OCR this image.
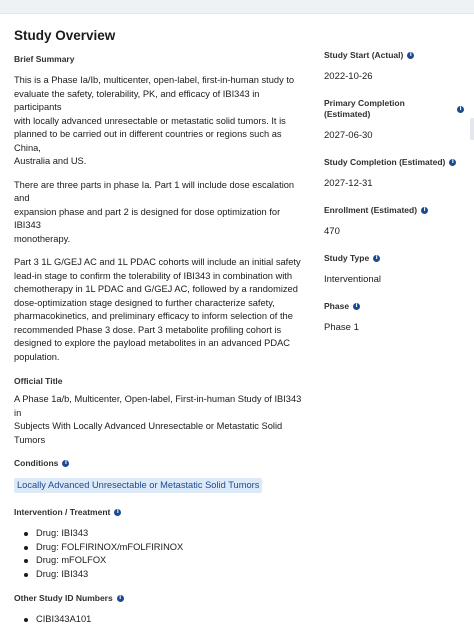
Study Overview
Brief Summary

This is a Phase Ia/Ib, multicenter, open-label, first-in-human study to
evaluate the safety, tolerability, PK, and efficacy of IBI343 in participants
with locally advanced unresectable or metastatic solid tumors. It is
planned to be carried out in different countries or regions such as China,
Australia and US.

There are three parts in phase Ia. Part 1 will include dose escalation and
expansion phase and part 2 is designed for dose optimization for IBI343
monotherapy.

Part 3 1L G/GEJ AC and 1L PDAC cohorts will include an initial safety
lead-in stage to confirm the tolerability of IBI343 in combination with
chemotherapy in 1L PDAC and G/GEJ AC, followed by a randomized
dose-optimization stage designed to further characterize safety,
pharmacokinetics, and preliminary efficacy to inform selection of the
recommended Phase 3 dose. Part 3 metabolite profiling cohort is
designed to explore the payload metabolites in an advanced PDAC
population.

Official Title

A Phase 1a/b, Multicenter, Open-label, First-in-human Study of IBI343 in
Subjects With Locally Advanced Unresectable or Metastatic Solid
Tumors

Conditions	i
Locally Advanced Unresectable or Metastatic Solid Tumors
Intervention / Treatment	i
Drug: IBI343
Drug: FOLFIRINOX/mFOLFIRINOX
Drug: mFOLFOX
Drug: IBI343
Other Study ID Numbers	i
CIBI343A101
Study Start (Actual)	i
2022-10-26
Primary Completion (Estimated)
i
2027-06-30
Study Completion (Estimated)	i
2027-12-31
Enrollment (Estimated)	i
470
Study Type	i
Interventional
Phase	i
Phase 1
